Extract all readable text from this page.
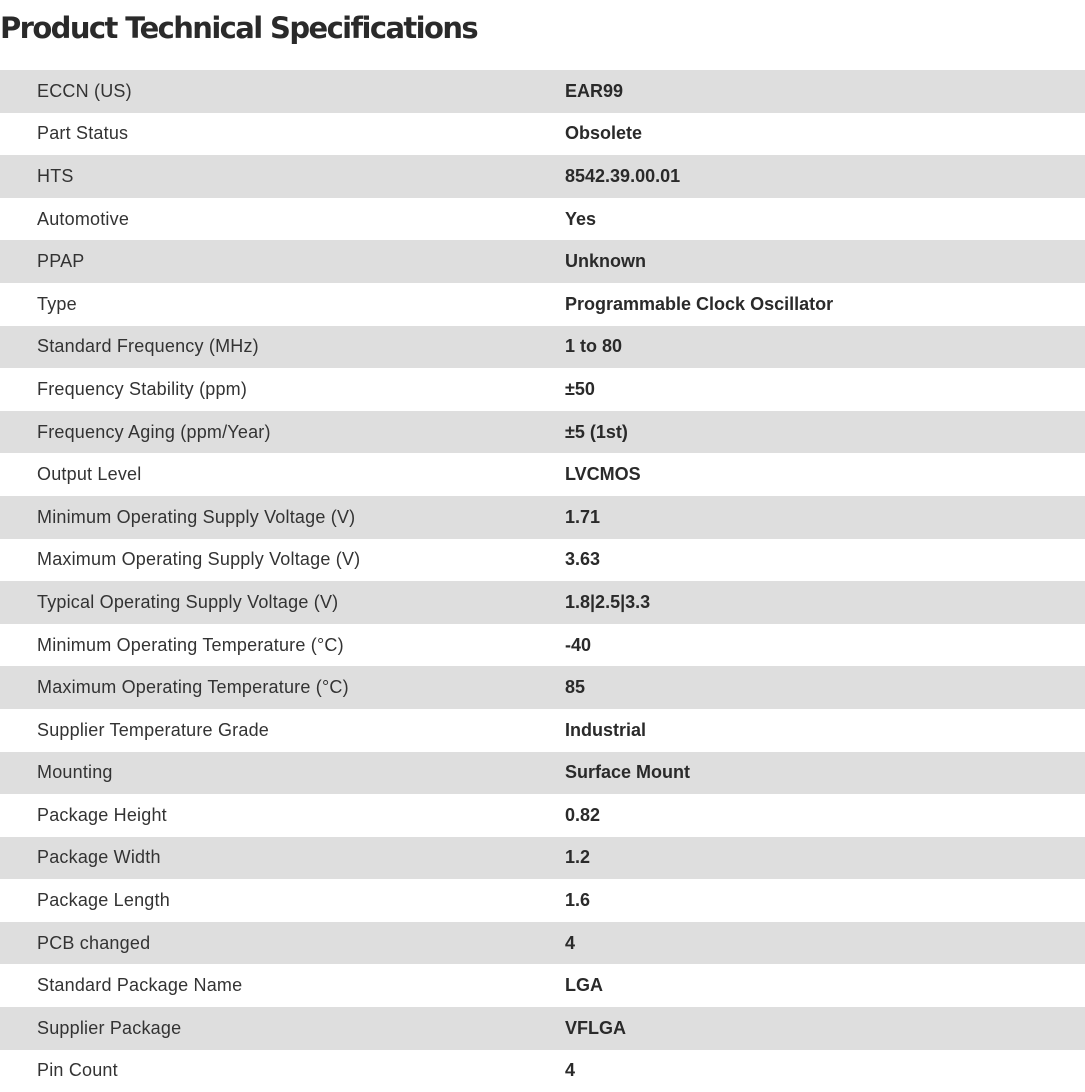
Product Technical Specifications
ECCN (US)	EAR99
Part Status	Obsolete
HTS	8542.39.00.01
Automotive	Yes
PPAP	Unknown
Type	Programmable Clock Oscillator
Standard Frequency (MHz)	1 to 80
Frequency Stability (ppm)	±50
Frequency Aging (ppm/Year)	±5 (1st)
Output Level	LVCMOS
Minimum Operating Supply Voltage (V)	1.71
Maximum Operating Supply Voltage (V)	3.63
Typical Operating Supply Voltage (V)	1.8|2.5|3.3
Minimum Operating Temperature (°C)	-40
Maximum Operating Temperature (°C)	85
Supplier Temperature Grade	Industrial
Mounting	Surface Mount
Package Height	0.82
Package Width	1.2
Package Length	1.6
PCB changed	4
Standard Package Name	LGA
Supplier Package	VFLGA
Pin Count	4
